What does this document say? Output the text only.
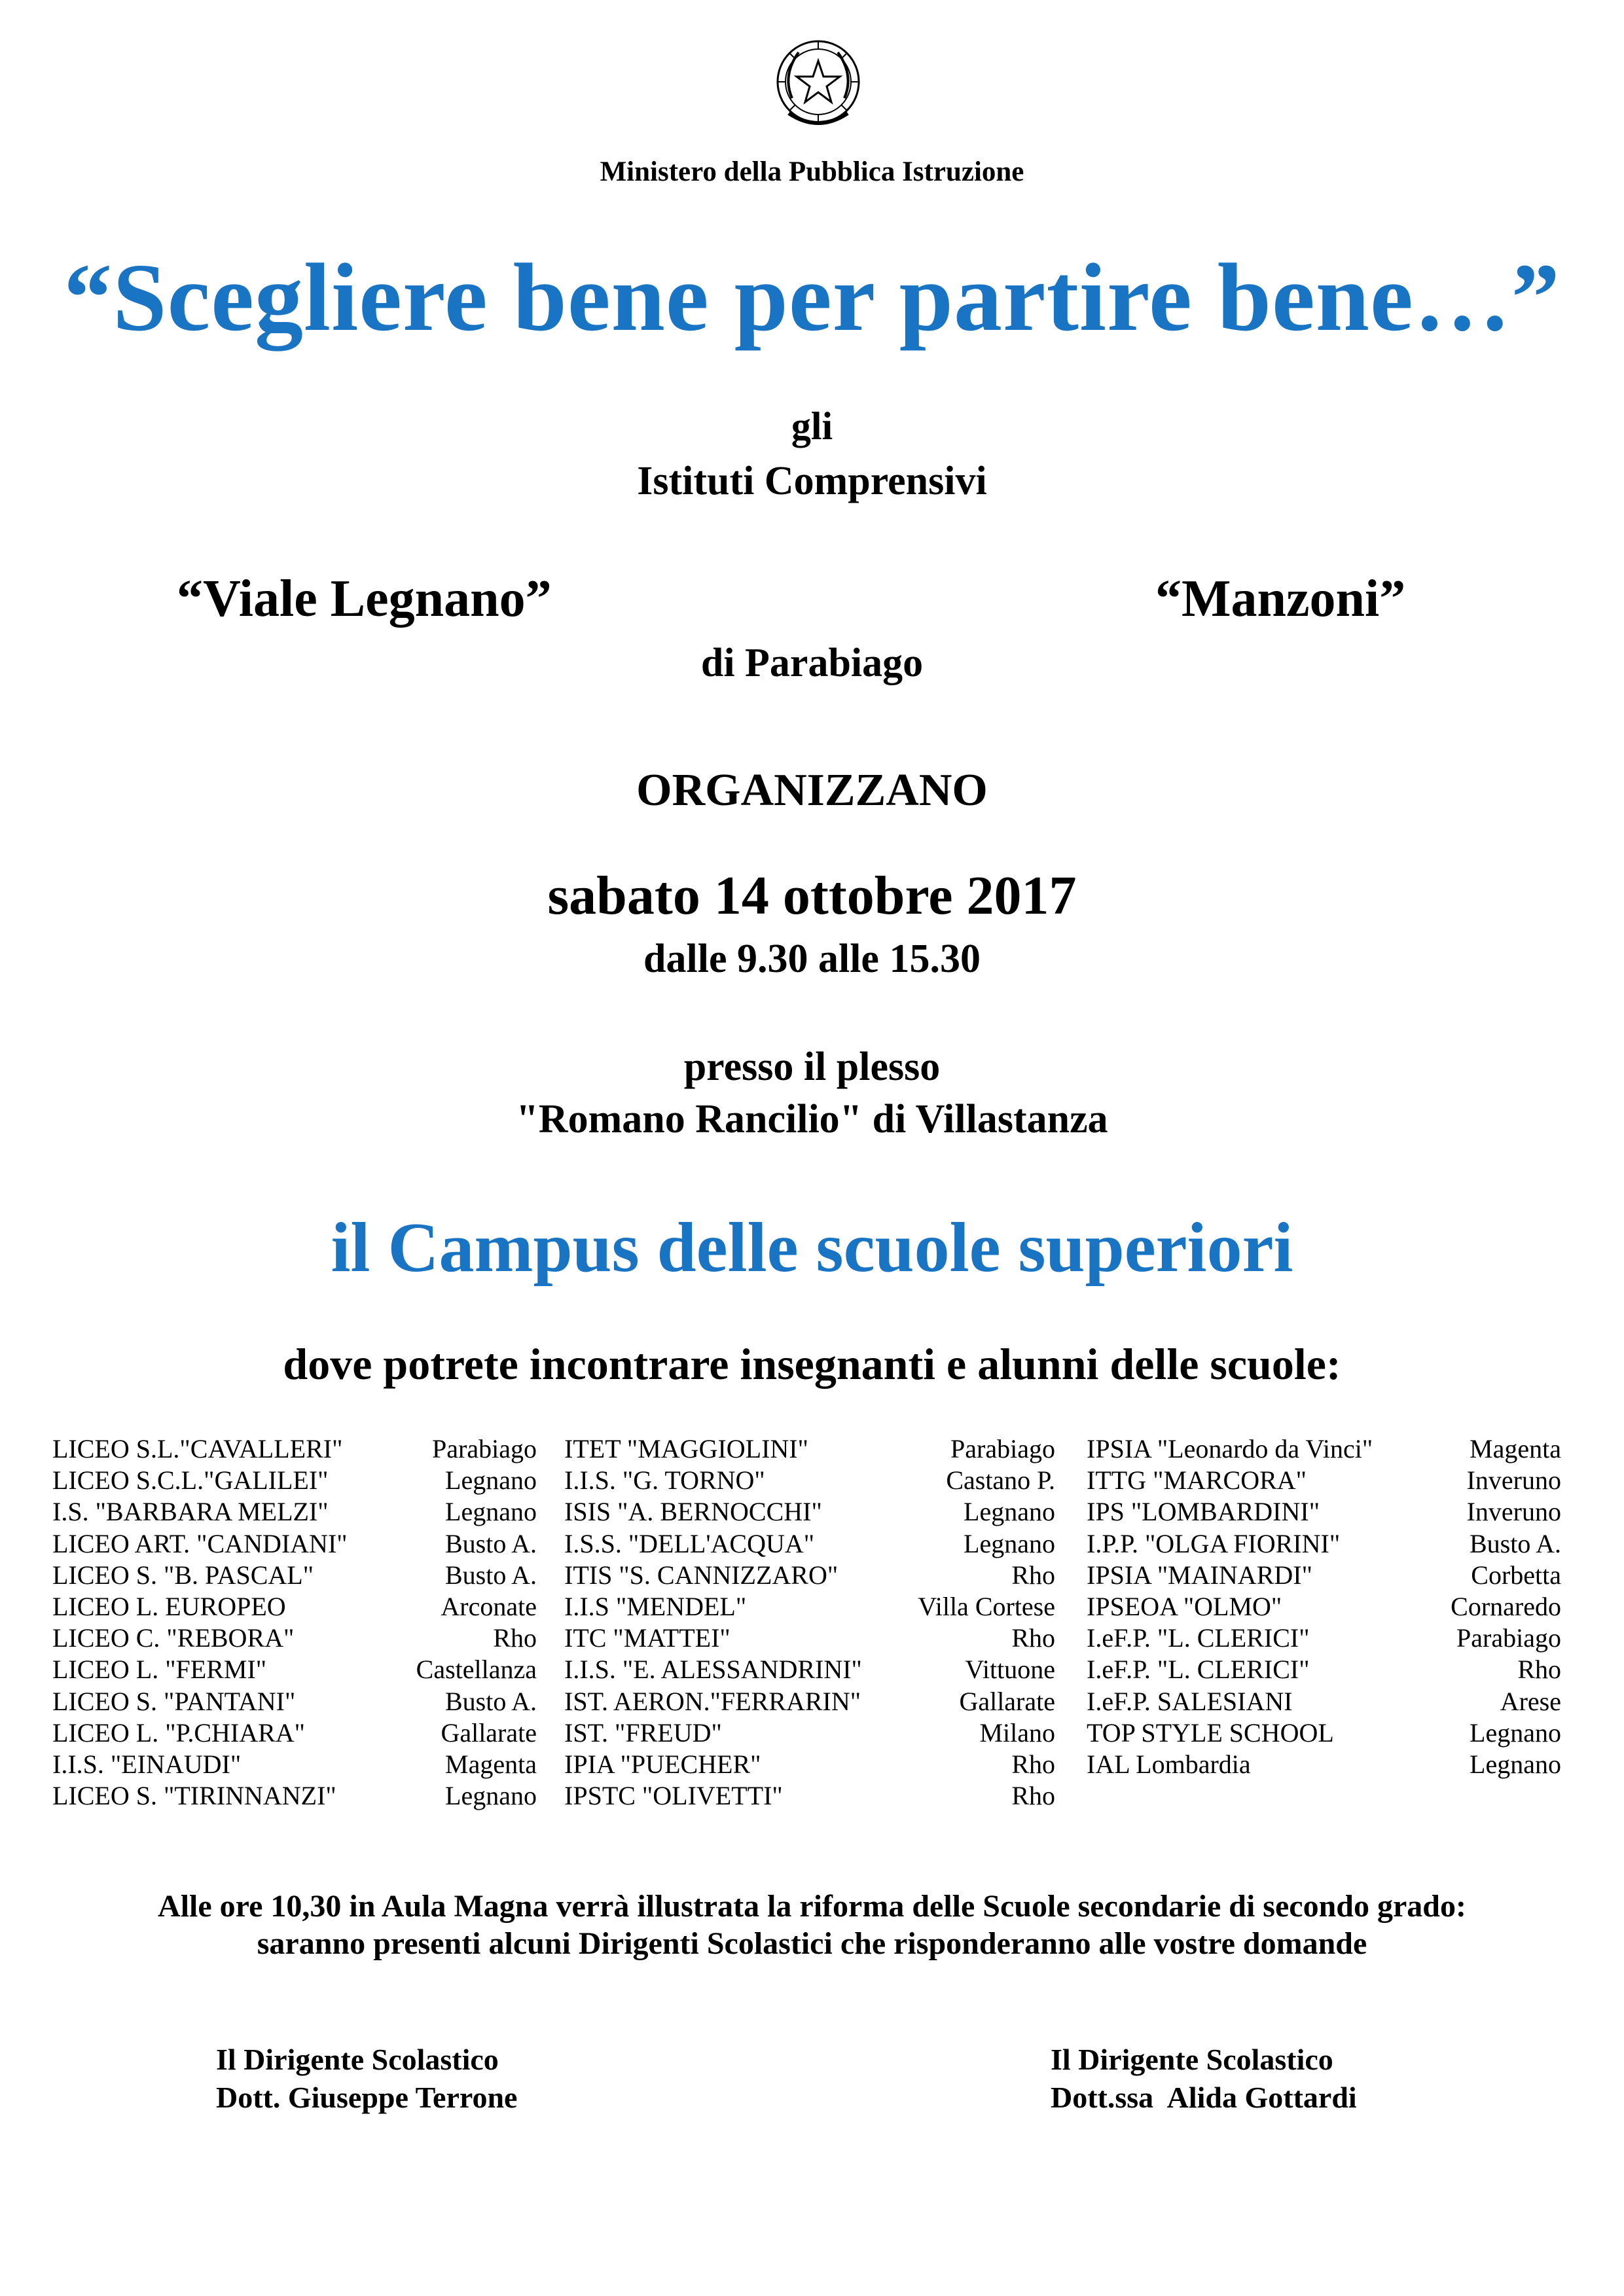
Ministero della Pubblica Istruzione
“Scegliere bene per partire bene…”
gli
Istituti Comprensivi
“Viale Legnano”	“Manzoni”
di Parabiago
ORGANIZZANO
sabato 14 ottobre 2017
dalle 9.30 alle 15.30
presso il plesso
"Romano Rancilio" di Villastanza
il Campus delle scuole superiori
dove potrete incontrare insegnanti e alunni delle scuole:
LICEO S.L."CAVALLERI"	Parabiago
LICEO S.C.L."GALILEI"	Legnano
I.S. "BARBARA MELZI"	Legnano
LICEO ART. "CANDIANI"	Busto A.
LICEO S. "B. PASCAL"	Busto A.
LICEO L. EUROPEO	Arconate
LICEO C. "REBORA"	Rho
LICEO L. "FERMI"	Castellanza
LICEO S. "PANTANI"	Busto A.
LICEO L. "P.CHIARA"	Gallarate
I.I.S. "EINAUDI"	Magenta
LICEO S. "TIRINNANZI"	Legnano
ITET "MAGGIOLINI"	Parabiago
I.I.S. "G. TORNO"	Castano P.
ISIS "A. BERNOCCHI"	Legnano
I.S.S. "DELL'ACQUA"	Legnano
ITIS "S. CANNIZZARO"	Rho
I.I.S "MENDEL"	Villa Cortese
ITC "MATTEI"	Rho
I.I.S. "E. ALESSANDRINI"	Vittuone
IST. AERON."FERRARIN"	Gallarate
IST. "FREUD"	Milano
IPIA "PUECHER"	Rho
IPSTC "OLIVETTI"	Rho
IPSIA "Leonardo da Vinci"	Magenta
ITTG "MARCORA"	Inveruno
IPS "LOMBARDINI"	Inveruno
I.P.P. "OLGA FIORINI"	Busto A.
IPSIA "MAINARDI"	Corbetta
IPSEOA "OLMO"	Cornaredo
I.eF.P. "L. CLERICI"	Parabiago
I.eF.P. "L. CLERICI"	Rho
I.eF.P. SALESIANI	Arese
TOP STYLE SCHOOL	Legnano
IAL Lombardia	Legnano
Alle ore 10,30 in Aula Magna verrà illustrata la riforma delle Scuole secondarie di secondo grado:
saranno presenti alcuni Dirigenti Scolastici che risponderanno alle vostre domande
Il Dirigente Scolastico
Dott. Giuseppe Terrone
Il Dirigente Scolastico
Dott.ssa  Alida Gottardi
